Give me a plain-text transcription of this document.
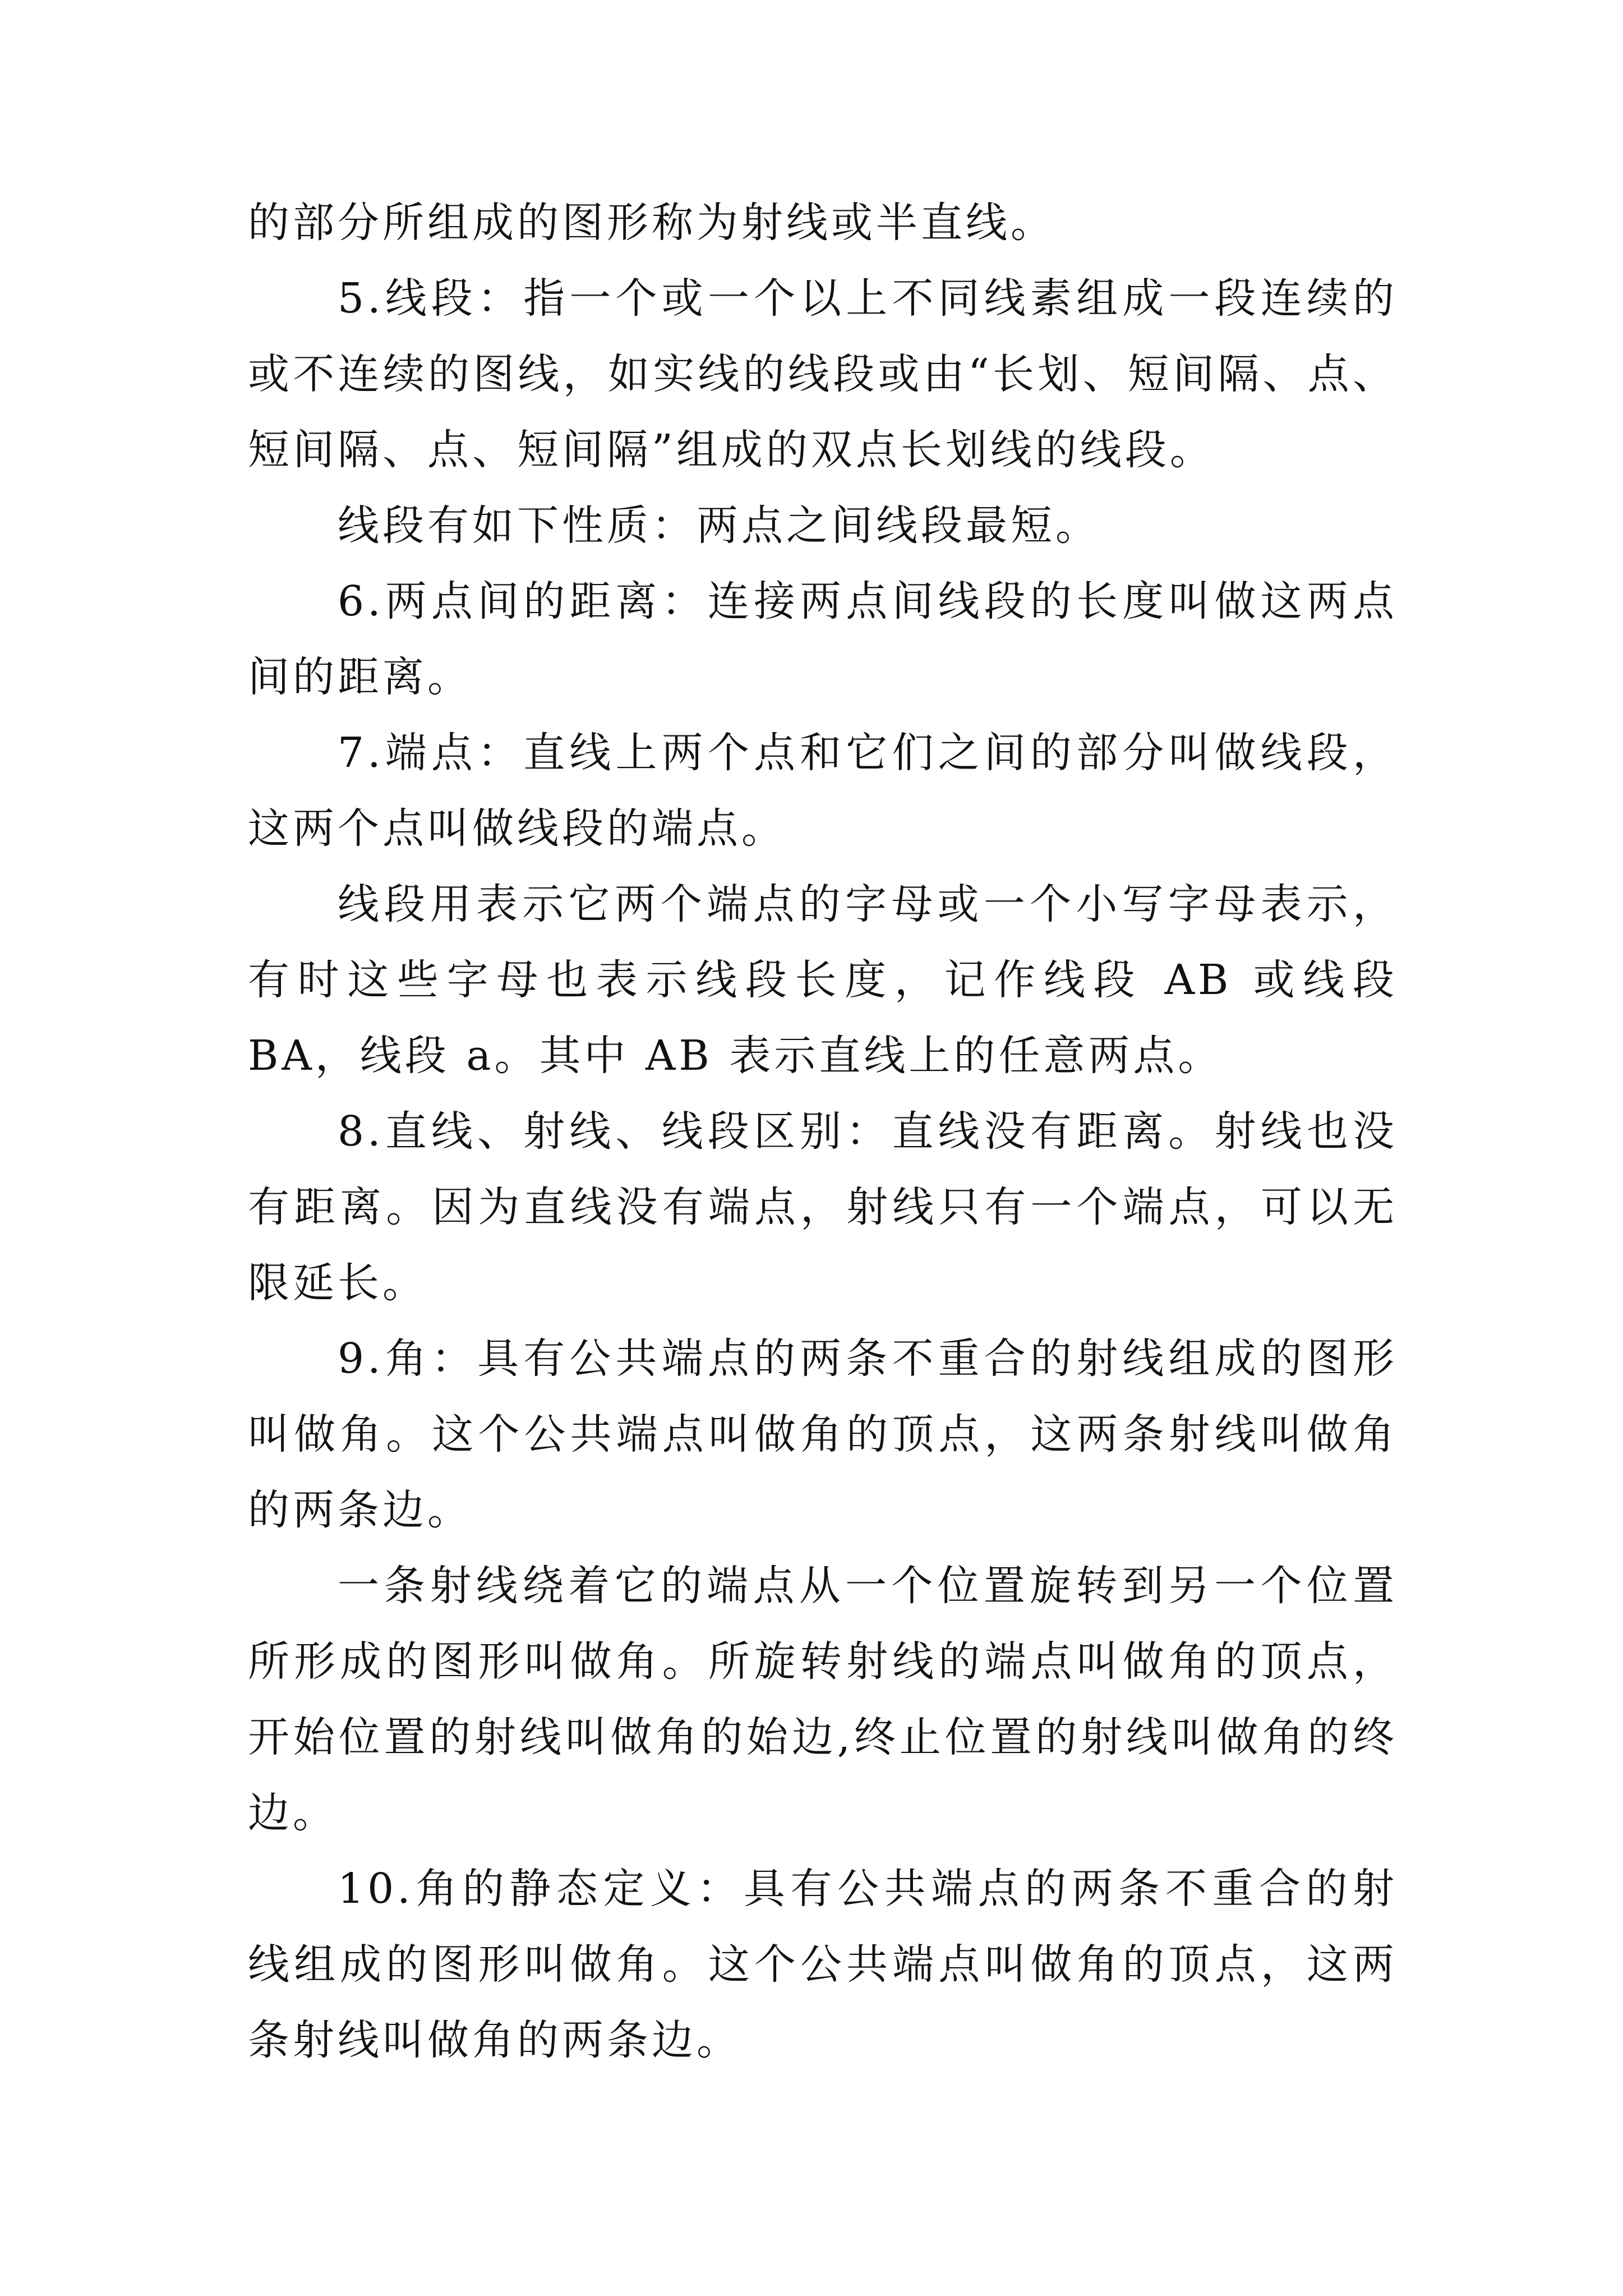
的部分所组成的图形称为射线或半直线。

5.线段：指一个或一个以上不同线素组成一段连续的或不连续的图线，如实线的线段或由“长划、短间隔、点、短间隔、点、短间隔”组成的双点长划线的线段。

线段有如下性质：两点之间线段最短。

6.两点间的距离：连接两点间线段的长度叫做这两点间的距离。

7.端点：直线上两个点和它们之间的部分叫做线段，这两个点叫做线段的端点。

线段用表示它两个端点的字母或一个小写字母表示，有时这些字母也表示线段长度，记作线段 AB 或线段 BA，线段 a。其中 AB 表示直线上的任意两点。

8.直线、射线、线段区别：直线没有距离。射线也没有距离。因为直线没有端点，射线只有一个端点，可以无限延长。

9.角：具有公共端点的两条不重合的射线组成的图形叫做角。这个公共端点叫做角的顶点，这两条射线叫做角的两条边。

一条射线绕着它的端点从一个位置旋转到另一个位置所形成的图形叫做角。所旋转射线的端点叫做角的顶点，开始位置的射线叫做角的始边,终止位置的射线叫做角的终边。

10.角的静态定义：具有公共端点的两条不重合的射线组成的图形叫做角。这个公共端点叫做角的顶点，这两条射线叫做角的两条边。
